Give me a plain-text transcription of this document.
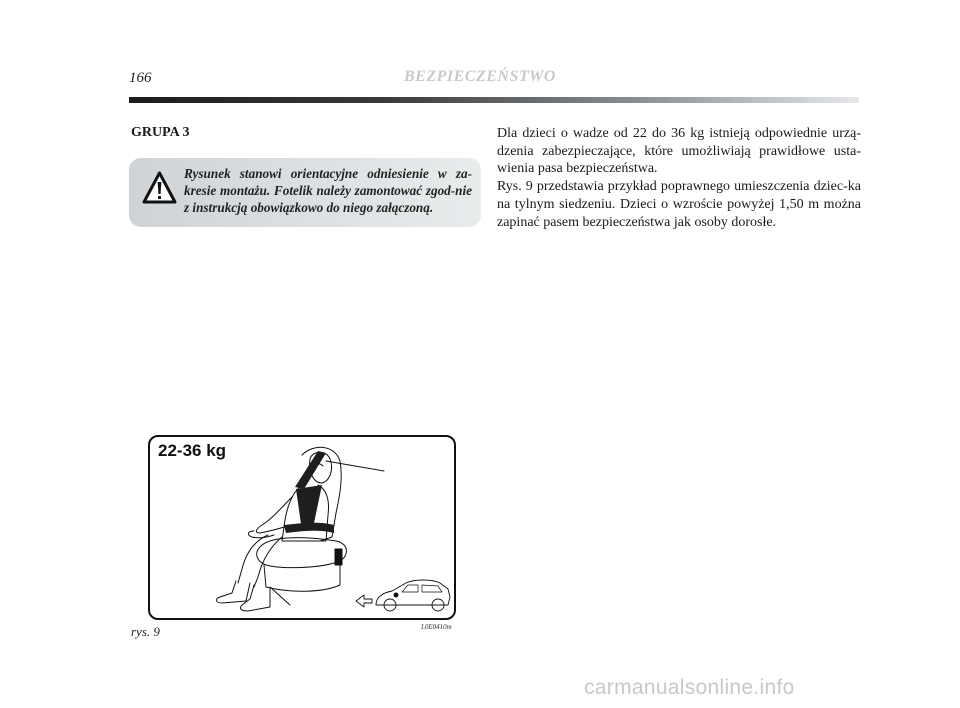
166	BEZPIECZEŃSTWO
GRUPA 3
Rysunek stanowi orientacyjne odniesienie w za-kresie montażu. Fotelik należy zamontować zgod-nie z instrukcją obowiązkowo do niego załączoną.

Dla dzieci o wadze od 22 do 36 kg istnieją odpowiednie urzą-dzenia zabezpieczające, które umożliwiają prawidłowe usta-wienia pasa bezpieczeństwa.

Rys. 9 przedstawia przykład poprawnego umieszczenia dziec-ka na tylnym siedzeniu. Dzieci o wzroście powyżej 1,50 m można zapinać pasem bezpieczeństwa jak osoby dorosłe.

22-36 kg
rys. 9	L0E0410m
carmanualsonline.info
